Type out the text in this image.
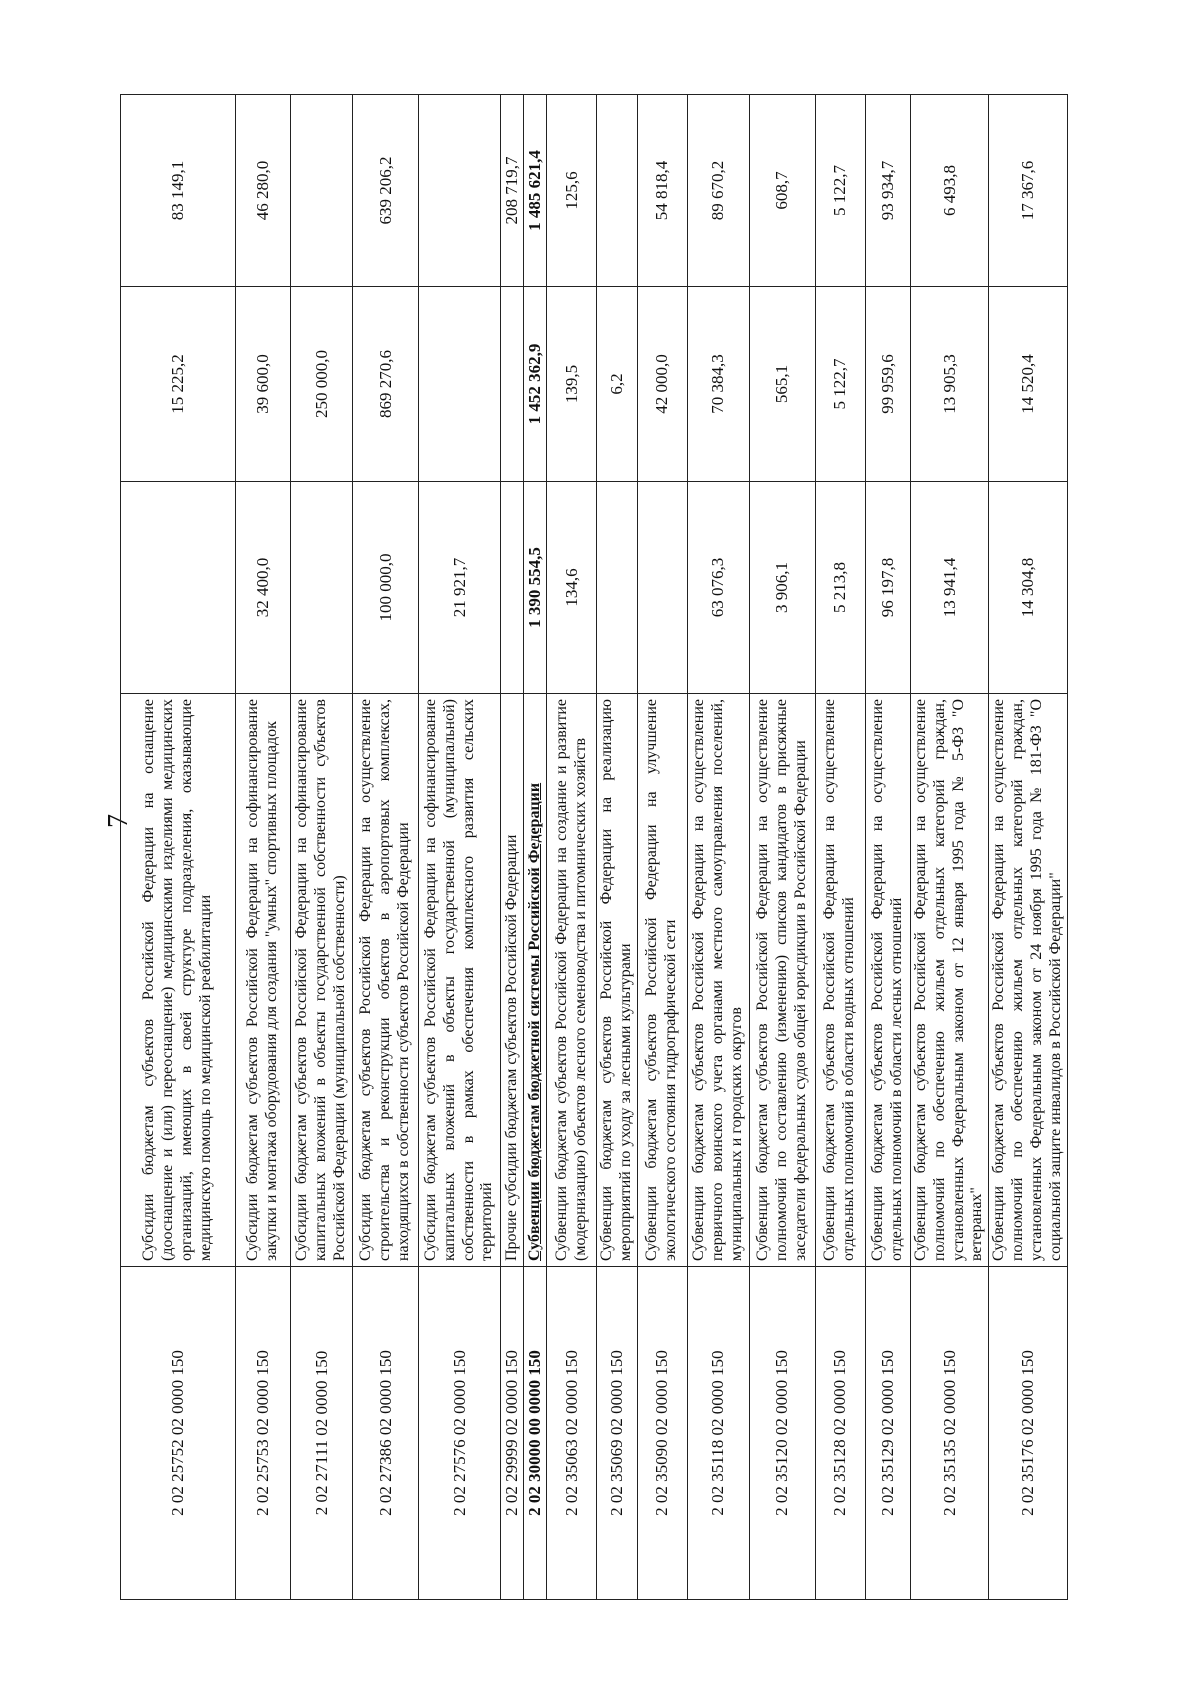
7
2 02 25752 02 0000 150	Субсидии бюджетам субъектов Российской Федерации на оснащение (дооснащение и (или) переоснащение) медицинскими изделиями медицинских организаций, имеющих в своей структуре подразделения, оказывающие медицинскую помощь по медицинской реабилитации		15 225,2	83 149,1
2 02 25753 02 0000 150	Субсидии бюджетам субъектов Российской Федерации на софинансирование закупки и монтажа оборудования для создания "умных" спортивных площадок	32 400,0	39 600,0	46 280,0
2 02 27111 02 0000 150	Субсидии бюджетам субъектов Российской Федерации на софинансирование капитальных вложений в объекты государственной собственности субъектов Российской Федерации (муниципальной собственности)		250 000,0	
2 02 27386 02 0000 150	Субсидии бюджетам субъектов Российской Федерации на осуществление строительства и реконструкции объектов в аэропортовых комплексах, находящихся в собственности субъектов Российской Федерации	100 000,0	869 270,6	639 206,2
2 02 27576 02 0000 150	Субсидии бюджетам субъектов Российской Федерации на софинансирование капитальных вложений в объекты государственной (муниципальной) собственности в рамках обеспечения комплексного развития сельских территорий	21 921,7		
2 02 29999 02 0000 150	Прочие субсидии бюджетам субъектов Российской Федерации			208 719,7
2 02 30000 00 0000 150	Субвенции бюджетам бюджетной системы Российской Федерации	1 390 554,5	1 452 362,9	1 485 621,4
2 02 35063 02 0000 150	Субвенции бюджетам субъектов Российской Федерации на создание и развитие (модернизацию) объектов лесного семеноводства и питомнических хозяйств	134,6	139,5	125,6
2 02 35069 02 0000 150	Субвенции бюджетам субъектов Российской Федерации на реализацию мероприятий по уходу за лесными культурами		6,2	
2 02 35090 02 0000 150	Субвенции бюджетам субъектов Российской Федерации на улучшение экологического состояния гидрографической сети		42 000,0	54 818,4
2 02 35118 02 0000 150	Субвенции бюджетам субъектов Российской Федерации на осуществление первичного воинского учета органами местного самоуправления поселений, муниципальных и городских округов	63 076,3	70 384,3	89 670,2
2 02 35120 02 0000 150	Субвенции бюджетам субъектов Российской Федерации на осуществление полномочий по составлению (изменению) списков кандидатов в присяжные заседатели федеральных судов общей юрисдикции в Российской Федерации	3 906,1	565,1	608,7
2 02 35128 02 0000 150	Субвенции бюджетам субъектов Российской Федерации на осуществление отдельных полномочий в области водных отношений	5 213,8	5 122,7	5 122,7
2 02 35129 02 0000 150	Субвенции бюджетам субъектов Российской Федерации на осуществление отдельных полномочий в области лесных отношений	96 197,8	99 959,6	93 934,7
2 02 35135 02 0000 150	Субвенции бюджетам субъектов Российской Федерации на осуществление полномочий по обеспечению жильем отдельных категорий граждан, установленных Федеральным законом от 12 января 1995 года № 5-ФЗ "О ветеранах"	13 941,4	13 905,3	6 493,8
2 02 35176 02 0000 150	Субвенции бюджетам субъектов Российской Федерации на осуществление полномочий по обеспечению жильем отдельных категорий граждан, установленных Федеральным законом от 24 ноября 1995 года № 181-ФЗ "О социальной защите инвалидов в Российской Федерации"	14 304,8	14 520,4	17 367,6
